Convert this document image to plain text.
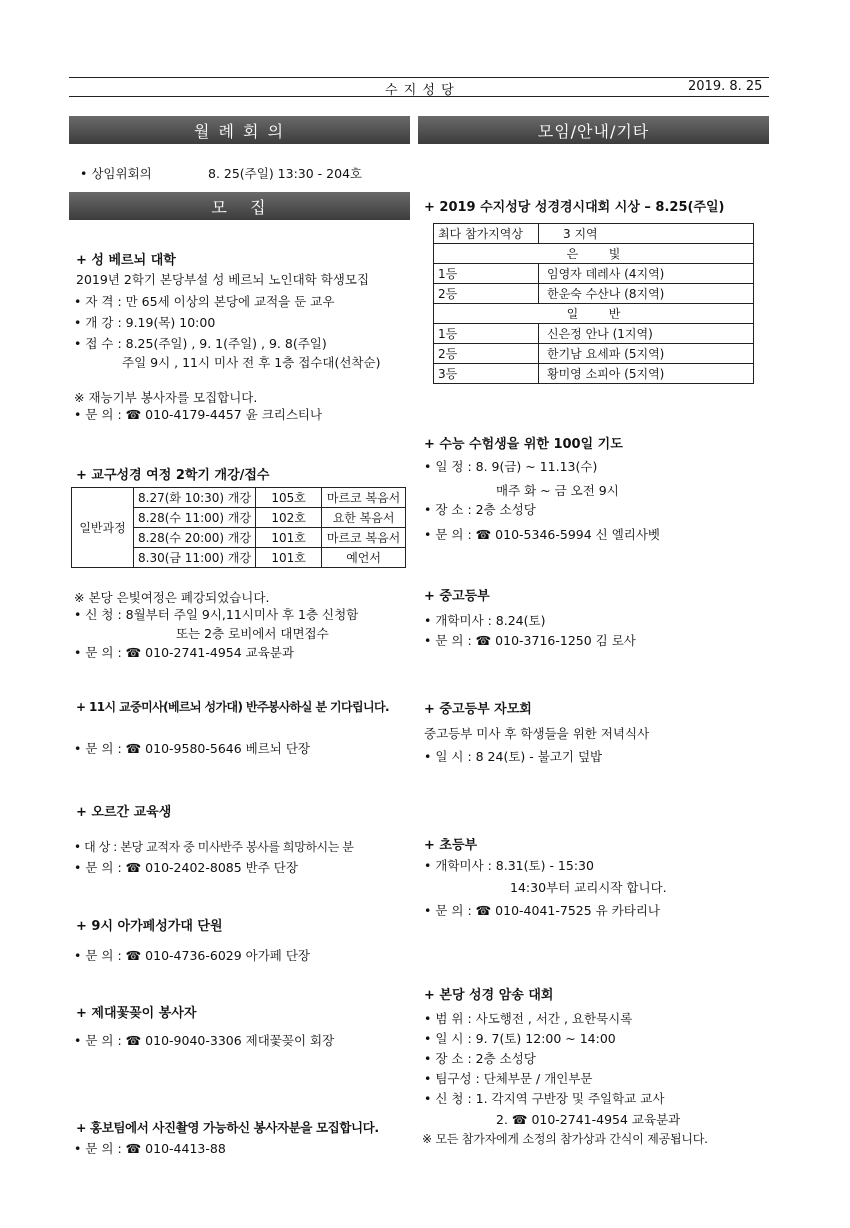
수 지 성 당	2019. 8. 25
월 례 회 의
• 상임위회의	8. 25(주일) 13:30 - 204호
모   집
+ 성 베르뇌 대학
2019년 2학기 본당부설 성 베르뇌 노인대학 학생모집
• 자 격 : 만 65세 이상의 본당에 교적을 둔 교우
• 개 강 : 9.19(목) 10:00
• 접 수 : 8.25(주일) , 9. 1(주일) , 9. 8(주일)
주일 9시 , 11시 미사 전 후 1층 접수대(선착순)
※ 재능기부 봉사자를 모집합니다.
• 문 의 : ☎ 010-4179-4457 윤 크리스티나
+ 교구성경 여정 2학기 개강/접수
일반과정	8.27(화 10:30) 개강	105호	마르코 복음서
	8.28(수 11:00) 개강	102호	요한 복음서
	8.28(수 20:00) 개강	101호	마르코 복음서
	8.30(금 11:00) 개강	101호	예언서
※ 본당 은빛여정은 폐강되었습니다.
• 신 청 : 8월부터 주일 9시,11시미사 후 1층 신청함
또는 2층 로비에서 대면접수
• 문 의 : ☎ 010-2741-4954 교육분과
+ 11시 교중미사(베르뇌 성가대) 반주봉사하실 분 기다립니다.
• 문 의 : ☎ 010-9580-5646 베르뇌 단장
+ 오르간 교육생
• 대 상 : 본당 교적자 중 미사반주 봉사를 희망하시는 분
• 문 의 : ☎ 010-2402-8085 반주 단장
+ 9시 아가페성가대 단원
• 문 의 : ☎ 010-4736-6029 아가페 단장
+ 제대꽃꽂이 봉사자
• 문 의 : ☎ 010-9040-3306 제대꽃꽂이 회장
+ 홍보팀에서 사진촬영 가능하신 봉사자분을 모집합니다.
• 문 의 : ☎ 010-4413-88
모임/안내/기타
+ 2019 수지성당 성경경시대회 시상 – 8.25(주일)
최다 참가지역상	3 지역
은        빛	
1등	임영자 데레사 (4지역)
2등	한운숙 수산나 (8지역)
일        반	
1등	신은정 안나 (1지역)
2등	한기남 요세파 (5지역)
3등	황미영 소피아 (5지역)
+ 수능 수험생을 위한 100일 기도
• 일 정 : 8. 9(금) ~ 11.13(수)
매주 화 ~ 금 오전 9시
• 장 소 : 2층 소성당
• 문 의 : ☎ 010-5346-5994 신 엘리사벳
+ 중고등부
• 개학미사 : 8.24(토)
• 문 의 : ☎ 010-3716-1250 김 로사
+ 중고등부 자모회
중고등부 미사 후 학생들을 위한 저녁식사
• 일 시 : 8 24(토) - 불고기 덮밥
+ 초등부
• 개학미사 : 8.31(토) - 15:30
14:30부터 교리시작 합니다.
• 문 의 : ☎ 010-4041-7525 유 카타리나
+ 본당 성경 암송 대회
• 범 위 : 사도행전 , 서간 , 요한묵시록
• 일 시 : 9. 7(토) 12:00 ~ 14:00
• 장 소 : 2층 소성당
• 팀구성 : 단체부문 / 개인부문
• 신 청 : 1. 각지역 구반장 및 주일학교 교사
2. ☎ 010-2741-4954 교육분과
※ 모든 참가자에게 소정의 참가상과 간식이 제공됩니다.
